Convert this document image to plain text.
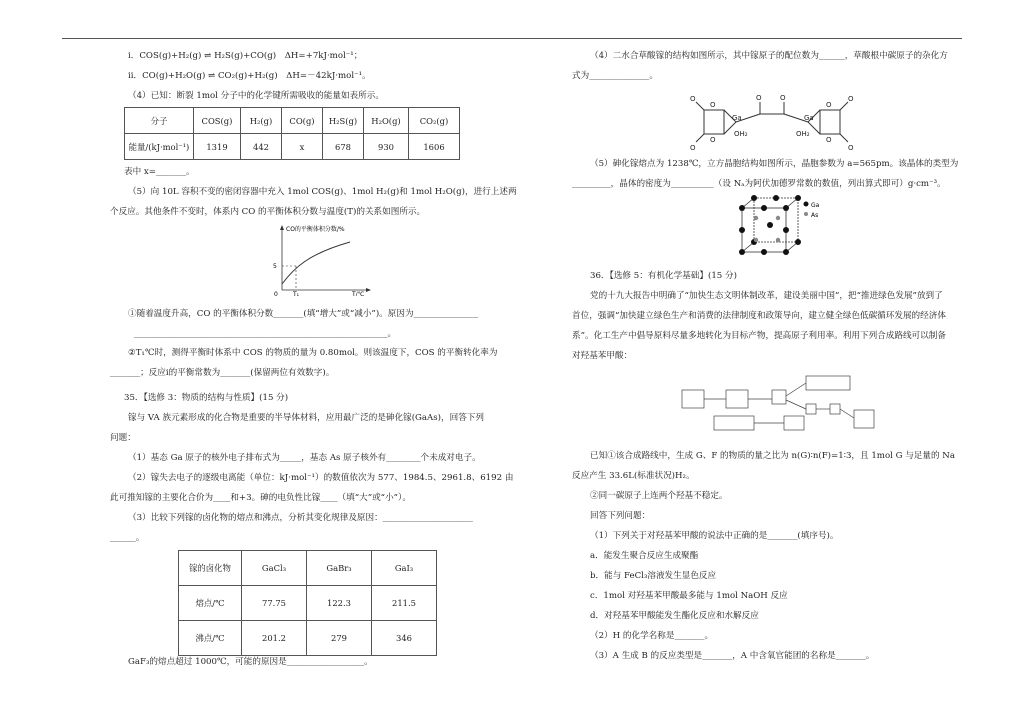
ⅰ．COS(g)+H₂(g) ⇌ H₂S(g)+CO(g)　ΔH=+7kJ·mol⁻¹；
ⅱ．CO(g)+H₂O(g) ⇌ CO₂(g)+H₂(g)　ΔH=－42kJ·mol⁻¹。
（4）已知：断裂 1mol 分子中的化学键所需吸收的能量如表所示。
分子	COS(g)	H₂(g)	CO(g)	H₂S(g)	H₂O(g)	CO₂(g)
能量/(kJ·mol⁻¹)	1319	442	x	678	930	1606
表中 x=_______。
（5）向 10L 容积不变的密闭容器中充入 1mol COS(g)、1mol H₂(g)和 1mol H₂O(g)，进行上述两
个反应。其他条件不变时，体系内 CO 的平衡体积分数与温度(T)的关系如图所示。
CO的平衡体积分数/%
5
0	T₁	T/℃
①随着温度升高，CO 的平衡体积分数_______(填“增大”或“减小”)。原因为_______________
___________________________________________________________。
②T₁℃时，测得平衡时体系中 COS 的物质的量为 0.80mol。则该温度下，COS 的平衡转化率为
_______；反应ⅰ的平衡常数为_______(保留两位有效数字)。
35．【选修 3：物质的结构与性质】(15 分)
镓与 VA 族元素形成的化合物是重要的半导体材料，应用最广泛的是砷化镓(GaAs)，回答下列
问题：
（1）基态 Ga 原子的核外电子排布式为_____，基态 As 原子核外有________个未成对电子。
（2）镓失去电子的逐级电离能（单位：kJ·mol⁻¹）的数值依次为 577、1984.5、2961.8、6192 由
此可推知镓的主要化合价为____和+3。砷的电负性比镓____（填“大”或“小”）。
（3）比较下列镓的卤化物的熔点和沸点，分析其变化规律及原因：_____________________
______。
镓的卤化物	GaCl₃	GaBr₃	GaI₃
熔点/℃	77.75	122.3	211.5
沸点/℃	201.2	279	346
GaF₃的熔点超过 1000℃，可能的原因是__________________。
（4）二水合草酸镓的结构如图所示，其中镓原子的配位数为______，草酸根中碳原子的杂化方
式为______________。
O
O
O
O
Ga
OH₂
O	O
Ga
OH₂
O
O
O
O
（5）砷化镓熔点为 1238℃，立方晶胞结构如图所示，晶胞参数为 a=565pm。该晶体的类型为
_________，晶体的密度为__________（设 Nₐ为阿伏加德罗常数的数值，列出算式即可）g·cm⁻³。
Ga
As
36．【选修 5：有机化学基础】(15 分)
党的十九大报告中明确了“加快生态文明体制改革，建设美丽中国”，把“推进绿色发展”放到了
首位，强调“加快建立绿色生产和消费的法律制度和政策导向，建立健全绿色低碳循环发展的经济体
系”。化工生产中倡导原料尽量多地转化为目标产物，提高原子利用率。利用下列合成路线可以制备
对羟基苯甲酸：
已知①该合成路线中，生成 G、F 的物质的量之比为 n(G)∶n(F)=1∶3，且 1mol G 与足量的 Na
反应产生 33.6L(标准状况)H₂。
②同一碳原子上连两个羟基不稳定。
回答下列问题：
（1）下列关于对羟基苯甲酸的说法中正确的是_______(填序号)。
a．能发生聚合反应生成聚酯
b．能与 FeCl₃溶液发生显色反应
c．1mol 对羟基苯甲酸最多能与 1mol NaOH 反应
d．对羟基苯甲酸能发生酯化反应和水解反应
（2）H 的化学名称是_______。
（3）A 生成 B 的反应类型是_______，A 中含氧官能团的名称是_______。
